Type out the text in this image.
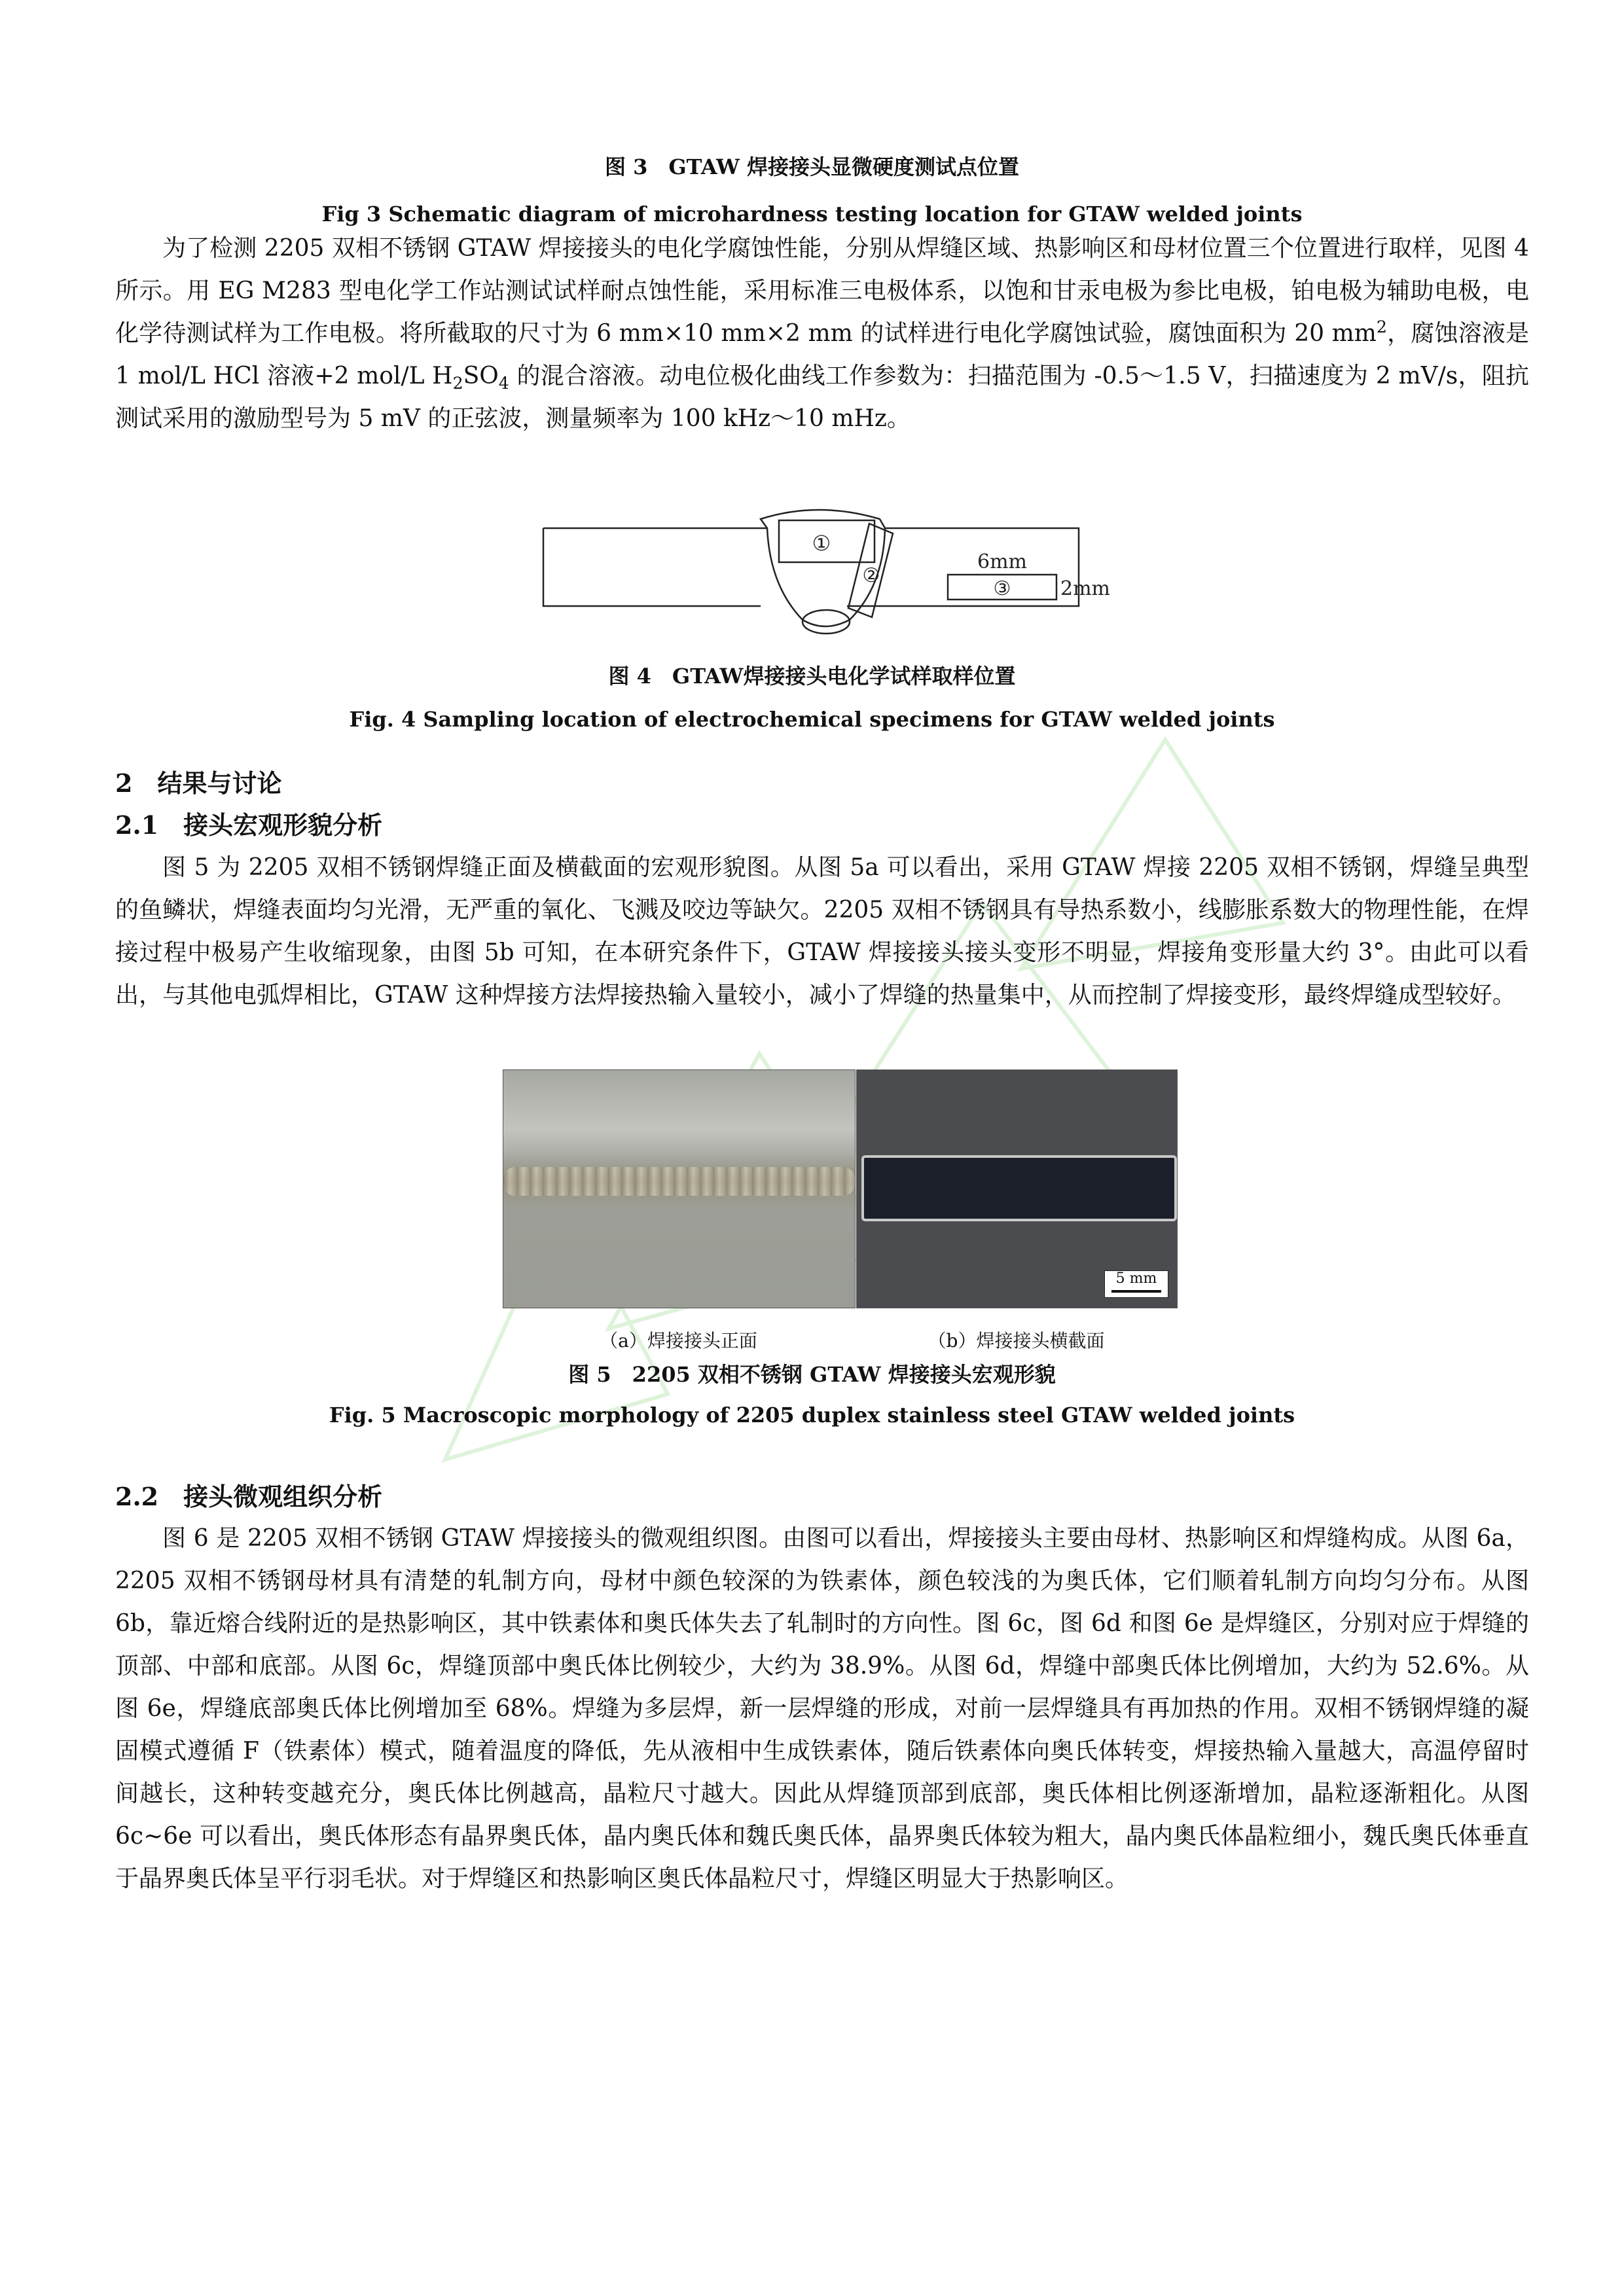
图 3　GTAW 焊接接头显微硬度测试点位置
Fig 3 Schematic diagram of microhardness testing location for GTAW welded joints

为了检测 2205 双相不锈钢 GTAW 焊接接头的电化学腐蚀性能，分别从焊缝区域、热影响区和母材位置三个位置进行取样，见图 4 所示。用 EG M283 型电化学工作站测试试样耐点蚀性能，采用标准三电极体系，以饱和甘汞电极为参比电极，铂电极为辅助电极，电化学待测试样为工作电极。将所截取的尺寸为 6 mm×10 mm×2 mm 的试样进行电化学腐蚀试验，腐蚀面积为 20 $mm^2$，腐蚀溶液是 1 mol/L HCl 溶液+2 mol/L $H_2SO_4$ 的混合溶液。动电位极化曲线工作参数为：扫描范围为 -0.5～1.5 V，扫描速度为 2 mV/s，阻抗测试采用的激励型号为 5 mV 的正弦波，测量频率为 100 kHz～10 mHz。

①
②
③
6mm
2mm
图 4　GTAW焊接接头电化学试样取样位置
Fig. 4 Sampling location of electrochemical specimens for GTAW welded joints
2　结果与讨论
2.1　接头宏观形貌分析

图 5 为 2205 双相不锈钢焊缝正面及横截面的宏观形貌图。从图 5a 可以看出，采用 GTAW 焊接 2205 双相不锈钢，焊缝呈典型的鱼鳞状，焊缝表面均匀光滑，无严重的氧化、飞溅及咬边等缺欠。2205 双相不锈钢具有导热系数小，线膨胀系数大的物理性能，在焊接过程中极易产生收缩现象，由图 5b 可知，在本研究条件下，GTAW 焊接接头接头变形不明显，焊接角变形量大约 3°。由此可以看出，与其他电弧焊相比，GTAW 这种焊接方法焊接热输入量较小，减小了焊缝的热量集中，从而控制了焊接变形，最终焊缝成型较好。

5 mm
（a）焊接接头正面	（b）焊接接头横截面
图 5　2205 双相不锈钢 GTAW 焊接接头宏观形貌
Fig. 5 Macroscopic morphology of 2205 duplex stainless steel GTAW welded joints
2.2　接头微观组织分析

图 6 是 2205 双相不锈钢 GTAW 焊接接头的微观组织图。由图可以看出，焊接接头主要由母材、热影响区和焊缝构成。从图 6a，2205 双相不锈钢母材具有清楚的轧制方向，母材中颜色较深的为铁素体，颜色较浅的为奥氏体，它们顺着轧制方向均匀分布。从图 6b，靠近熔合线附近的是热影响区，其中铁素体和奥氏体失去了轧制时的方向性。图 6c，图 6d 和图 6e 是焊缝区，分别对应于焊缝的顶部、中部和底部。从图 6c，焊缝顶部中奥氏体比例较少，大约为 38.9%。从图 6d，焊缝中部奥氏体比例增加，大约为 52.6%。从图 6e，焊缝底部奥氏体比例增加至 68%。焊缝为多层焊，新一层焊缝的形成，对前一层焊缝具有再加热的作用。双相不锈钢焊缝的凝固模式遵循 F（铁素体）模式，随着温度的降低，先从液相中生成铁素体，随后铁素体向奥氏体转变，焊接热输入量越大，高温停留时间越长，这种转变越充分，奥氏体比例越高，晶粒尺寸越大。因此从焊缝顶部到底部，奥氏体相比例逐渐增加，晶粒逐渐粗化。从图 6c~6e 可以看出，奥氏体形态有晶界奥氏体，晶内奥氏体和魏氏奥氏体，晶界奥氏体较为粗大，晶内奥氏体晶粒细小，魏氏奥氏体垂直于晶界奥氏体呈平行羽毛状。对于焊缝区和热影响区奥氏体晶粒尺寸，焊缝区明显大于热影响区。
